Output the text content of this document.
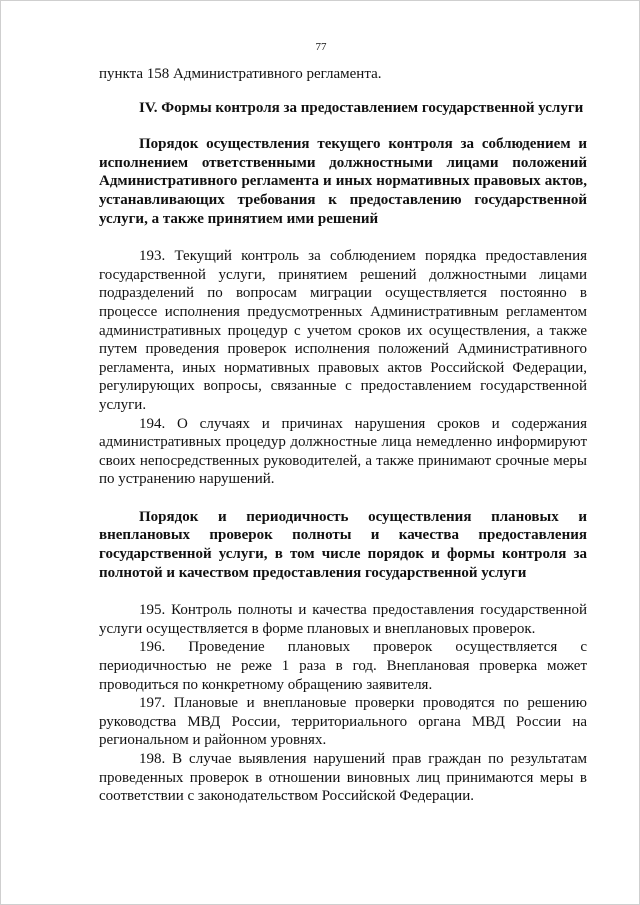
77

пункта 158 Административного регламента.

IV. Формы контроля за предоставлением государственной услуги

Порядок осуществления текущего контроля за соблюдением и исполнением ответственными должностными лицами положений Административного регламента и иных нормативных правовых актов, устанавливающих требования к предоставлению государственной услуги, а также принятием ими решений

193. Текущий контроль за соблюдением порядка предоставления государственной услуги, принятием решений должностными лицами подразделений по вопросам миграции осуществляется постоянно в процессе исполнения предусмотренных Административным регламентом административных процедур с учетом сроков их осуществления, а также путем проведения проверок исполнения положений Административного регламента, иных нормативных правовых актов Российской Федерации, регулирующих вопросы, связанные с предоставлением государственной услуги.

194. О случаях и причинах нарушения сроков и содержания административных процедур должностные лица немедленно информируют своих непосредственных руководителей, а также принимают срочные меры по устранению нарушений.

Порядок и периодичность осуществления плановых и внеплановых проверок полноты и качества предоставления государственной услуги, в том числе порядок и формы контроля за полнотой и качеством предоставления государственной услуги

195. Контроль полноты и качества предоставления государственной услуги осуществляется в форме плановых и внеплановых проверок.

196. Проведение плановых проверок осуществляется с периодичностью не реже 1 раза в год. Внеплановая проверка может проводиться по конкретному обращению заявителя.

197. Плановые и внеплановые проверки проводятся по решению руководства МВД России, территориального органа МВД России на региональном и районном уровнях.

198. В случае выявления нарушений прав граждан по результатам проведенных проверок в отношении виновных лиц принимаются меры в соответствии с законодательством Российской Федерации.
